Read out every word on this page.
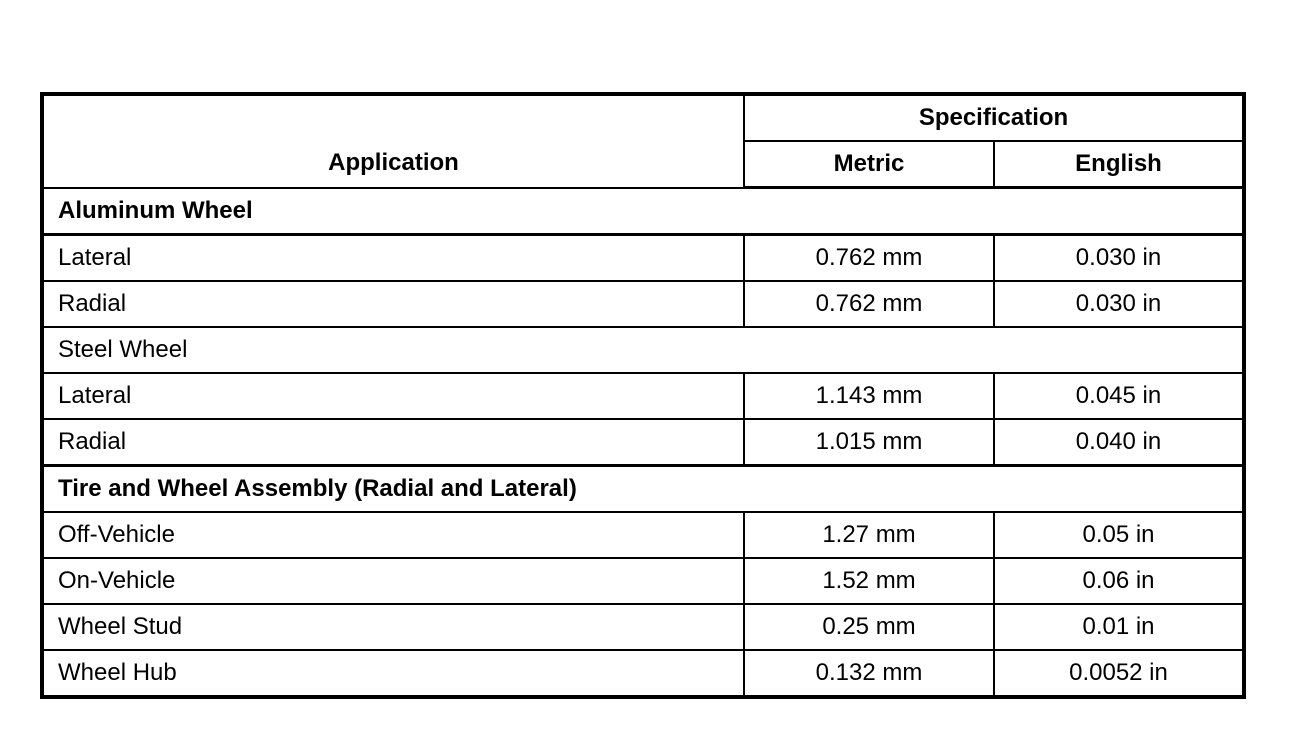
Application	Specification	
	Metric	English
Aluminum Wheel		
Lateral	0.762 mm	0.030 in
Radial	0.762 mm	0.030 in
Steel Wheel		
Lateral	1.143 mm	0.045 in
Radial	1.015 mm	0.040 in
Tire and Wheel Assembly (Radial and Lateral)		
Off-Vehicle	1.27 mm	0.05 in
On-Vehicle	1.52 mm	0.06 in
Wheel Stud	0.25 mm	0.01 in
Wheel Hub	0.132 mm	0.0052 in
